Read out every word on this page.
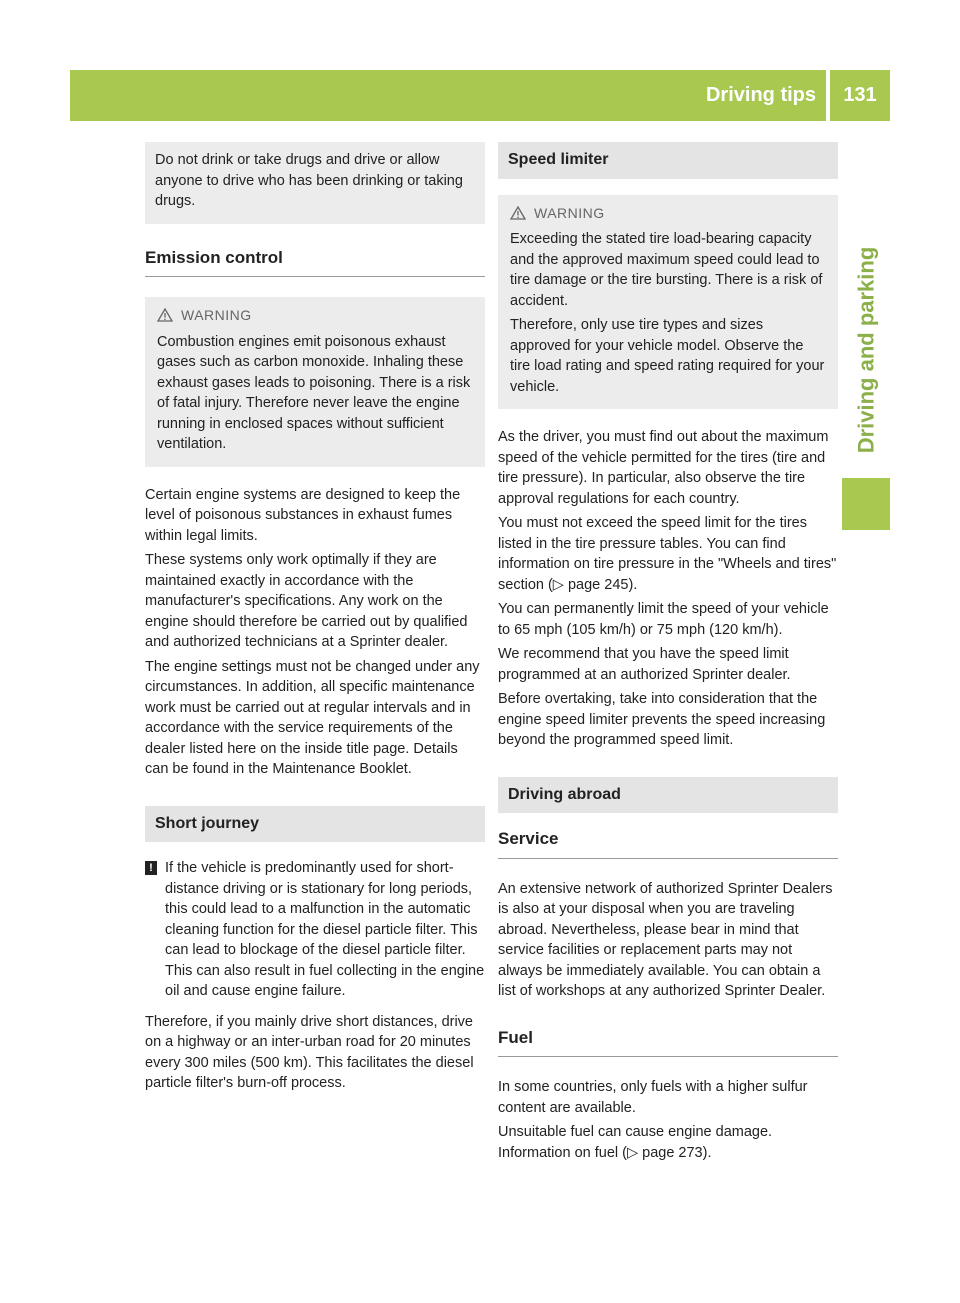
Driving tips	131
Driving and parking

Do not drink or take drugs and drive or allow anyone to drive who has been drinking or taking drugs.

Emission control
WARNING

Combustion engines emit poisonous exhaust gases such as carbon monoxide. Inhaling these exhaust gases leads to poisoning. There is a risk of fatal injury. Therefore never leave the engine running in enclosed spaces without sufficient ventilation.

Certain engine systems are designed to keep the level of poisonous substances in exhaust fumes within legal limits.

These systems only work optimally if they are maintained exactly in accordance with the manufacturer's specifications. Any work on the engine should therefore be carried out by qualified and authorized technicians at a Sprinter dealer.

The engine settings must not be changed under any circumstances. In addition, all specific maintenance work must be carried out at regular intervals and in accordance with the service requirements of the dealer listed here on the inside title page. Details can be found in the Maintenance Booklet.

Short journey
! If the vehicle is predominantly used for short-distance driving or is stationary for long periods, this could lead to a malfunction in the automatic cleaning function for the diesel particle filter. This can lead to blockage of the diesel particle filter. This can also result in fuel collecting in the engine oil and cause engine failure.

Therefore, if you mainly drive short distances, drive on a highway or an inter-urban road for 20 minutes every 300 miles (500 km). This facilitates the diesel particle filter's burn-off process.

Speed limiter
WARNING

Exceeding the stated tire load-bearing capacity and the approved maximum speed could lead to tire damage or the tire bursting. There is a risk of accident.

Therefore, only use tire types and sizes approved for your vehicle model. Observe the tire load rating and speed rating required for your vehicle.

As the driver, you must find out about the maximum speed of the vehicle permitted for the tires (tire and tire pressure). In particular, also observe the tire approval regulations for each country.

You must not exceed the speed limit for the tires listed in the tire pressure tables. You can find information on tire pressure in the "Wheels and tires" section (▷ page 245).

You can permanently limit the speed of your vehicle to 65 mph (105 km/h) or 75 mph (120 km/h).

We recommend that you have the speed limit programmed at an authorized Sprinter dealer.

Before overtaking, take into consideration that the engine speed limiter prevents the speed increasing beyond the programmed speed limit.

Driving abroad
Service

An extensive network of authorized Sprinter Dealers is also at your disposal when you are traveling abroad. Nevertheless, please bear in mind that service facilities or replacement parts may not always be immediately available. You can obtain a list of workshops at any authorized Sprinter Dealer.

Fuel

In some countries, only fuels with a higher sulfur content are available.

Unsuitable fuel can cause engine damage. Information on fuel (▷ page 273).
